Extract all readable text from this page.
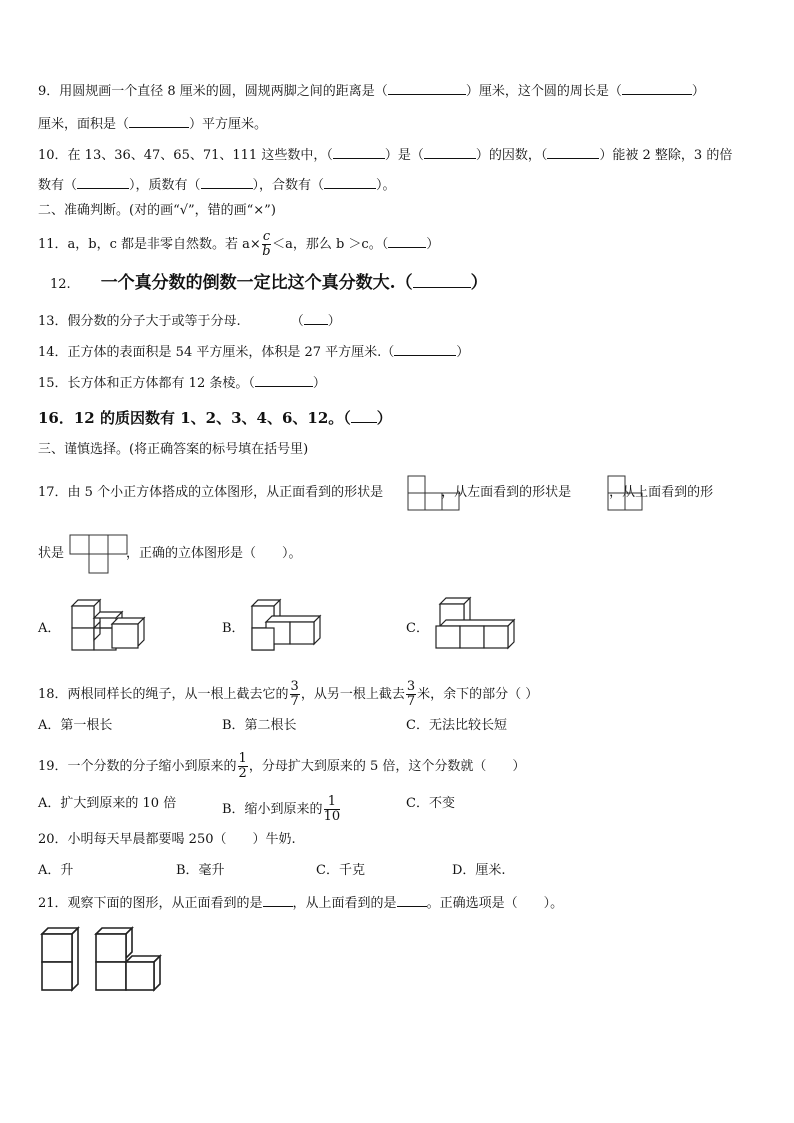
9．用圆规画一个直径 8 厘米的圆，圆规两脚之间的距离是（	）厘米，这个圆的周长是（	）
厘米，面积是（	）平方厘米。
10．在 13、36、47、65、71、111 这些数中，（	）是（	）的因数，（	）能被 2 整除，3 的倍
数有（	），质数有（	），合数有（	）。
二、准确判断。(对的画“√”，错的画“×”)
11．a，b，c 都是非零自然数。若 $a\times \frac{c}{b} <a$，那么 b ＞c。（	）
12. 一个真分数的倒数一定比这个真分数大.（	）
13．假分数的分子大于或等于分母.	（ ）
14．正方体的表面积是 54 平方厘米，体积是 27 平方厘米.（	）
15．长方体和正方体都有 12 条棱。（	）
16．12 的质因数有 1、2、3、4、6、12。（ ）
三、谨慎选择。(将正确答案的标号填在括号里)
17．由 5 个小正方体搭成的立体图形，从正面看到的形状是	，从左面看到的形状是	，从上面看到的形
状是	，正确的立体图形是（　　）。
A．	B．	C．
18．两根同样长的绳子，从一根上截去它的 $\frac{3}{7}$ ，从另一根上截去 $\frac{3}{7}$ 米，余下的部分（ ）
A．第一根长	B．第二根长	C．无法比较长短
19．一个分数的分子缩小到原来的 $\frac{1}{2}$ ，分母扩大到原来的 5 倍，这个分数就（　　）
A．扩大到原来的 10 倍	B．缩小到原来的 $\frac{1}{10}$	C．不变
20．小明每天早晨都要喝 250（　　）牛奶.
A．升	B．毫升	C．千克	D．厘米.
21．观察下面的图形，从正面看到的是 ，从上面看到的是 。正确选项是（　　）。
